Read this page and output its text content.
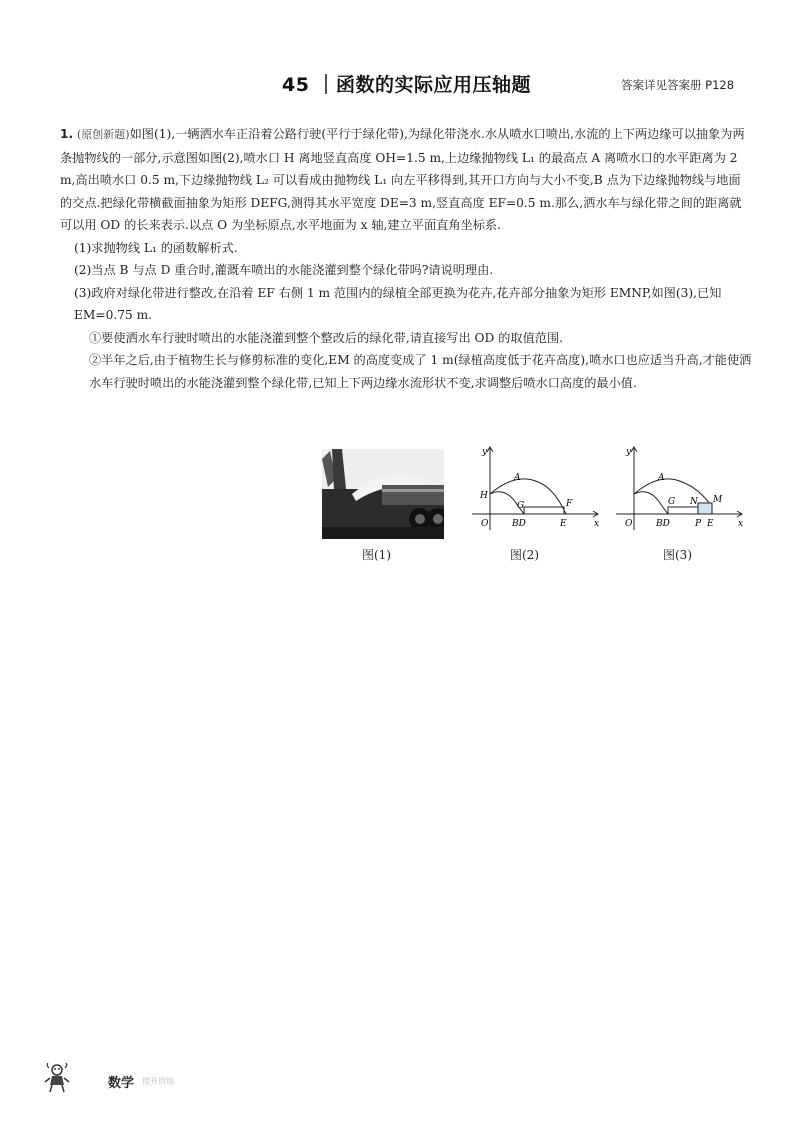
45 ｜函数的实际应用压轴题	答案详见答案册 P128

1. (原创新题)如图(1),一辆洒水车正沿着公路行驶(平行于绿化带),为绿化带浇水.水从喷水口喷出,水流的上下两边缘可以抽象为两条抛物线的一部分,示意图如图(2),喷水口 H 离地竖直高度 OH=1.5 m,上边缘抛物线 L₁ 的最高点 A 离喷水口的水平距离为 2 m,高出喷水口 0.5 m,下边缘抛物线 L₂ 可以看成由抛物线 L₁ 向左平移得到,其开口方向与大小不变,B 点为下边缘抛物线与地面的交点.把绿化带横截面抽象为矩形 DEFG,测得其水平宽度 DE=3 m,竖直高度 EF=0.5 m.那么,洒水车与绿化带之间的距离就可以用 OD 的长来表示.以点 O 为坐标原点,水平地面为 x 轴,建立平面直角坐标系.

(1)求抛物线 L₁ 的函数解析式.

(2)当点 B 与点 D 重合时,灌溉车喷出的水能浇灌到整个绿化带吗?请说明理由.

(3)政府对绿化带进行整改,在沿着 EF 右侧 1 m 范围内的绿植全部更换为花卉,花卉部分抽象为矩形 EMNP,如图(3),已知 EM=0.75 m.

①要使洒水车行驶时喷出的水能浇灌到整个整改后的绿化带,请直接写出 OD 的取值范围.

②半年之后,由于植物生长与修剪标准的变化,EM 的高度变成了 1 m(绿植高度低于花卉高度),喷水口也应适当升高,才能使洒水车行驶时喷出的水能浇灌到整个绿化带,已知上下两边缘水流形状不变,求调整后喷水口高度的最小值.

图(1)
y
x
O
H
A
G	F
BD	E
图(2)
y
x
O
A
G N M
BD	P E
图(3)
数学 提升训练
